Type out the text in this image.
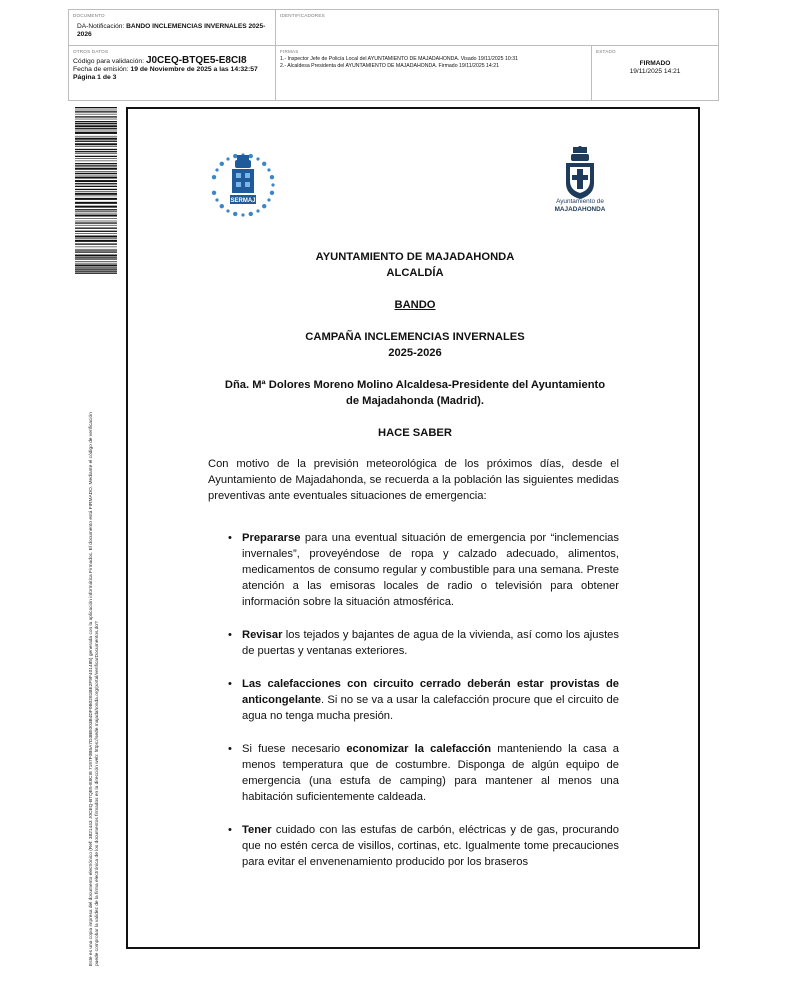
DOCUMENTO
DA-Notificación: BANDO INCLEMENCIAS INVERNALES 2025-2026
IDENTIFICADORES
OTROS DATOS
Código para validación: J0CEQ-BTQE5-E8CI8
Fecha de emisión: 19 de Noviembre de 2025 a las 14:32:57
Página 1 de 3
FIRMAS
1.- Inspector Jefe de Policía Local del AYUNTAMIENTO DE MAJADAHONDA. Visado 19/11/2025 10:31
2.- Alcaldesa Presidenta del AYUNTAMIENTO DE MAJADAHONDA. Firmado 19/11/2025 14:21
ESTADO
FIRMADO
19/11/2025 14:21
Este es una copia impresa del documento electrónico (Ref: 3821443 J0CEQ-BTQE5-E8CI8 7197F0B5A7D3BE003B4DF0B0281BE2F9F401485) generada con la aplicación informática Firmadoc. El documento está FIRMADO. Mediante el código de verificación puede comprobar la validez de la firma electrónica de los documentos firmados en la dirección web: https://sede.majadahonda.org/portal/verificarDocumentos.do?
SERMAJ	Ayuntamiento de
MAJADAHONDA
AYUNTAMIENTO DE MAJADAHONDA
ALCALDÍA
BANDO
CAMPAÑA INCLEMENCIAS INVERNALES
2025-2026
Dña. Mª Dolores Moreno Molino Alcaldesa-Presidente del Ayuntamiento
de Majadahonda (Madrid).
HACE SABER
Con motivo de la previsión meteorológica de los próximos días, desde el Ayuntamiento de Majadahonda, se recuerda a la población las siguientes medidas preventivas ante eventuales situaciones de emergencia:
• Prepararse para una eventual situación de emergencia por “inclemencias invernales”, proveyéndose de ropa y calzado adecuado, alimentos, medicamentos de consumo regular y combustible para una semana. Preste atención a las emisoras locales de radio o televisión para obtener información sobre la situación atmosférica.
• Revisar los tejados y bajantes de agua de la vivienda, así como los ajustes de puertas y ventanas exteriores.
• Las calefacciones con circuito cerrado deberán estar provistas de anticongelante. Si no se va a usar la calefacción procure que el circuito de agua no tenga mucha presión.
• Si fuese necesario economizar la calefacción manteniendo la casa a menos temperatura que de costumbre. Disponga de algún equipo de emergencia (una estufa de camping) para mantener al menos una habitación suficientemente caldeada.
• Tener cuidado con las estufas de carbón, eléctricas y de gas, procurando que no estén cerca de visillos, cortinas, etc. Igualmente tome precauciones para evitar el envenenamiento producido por los braseros
